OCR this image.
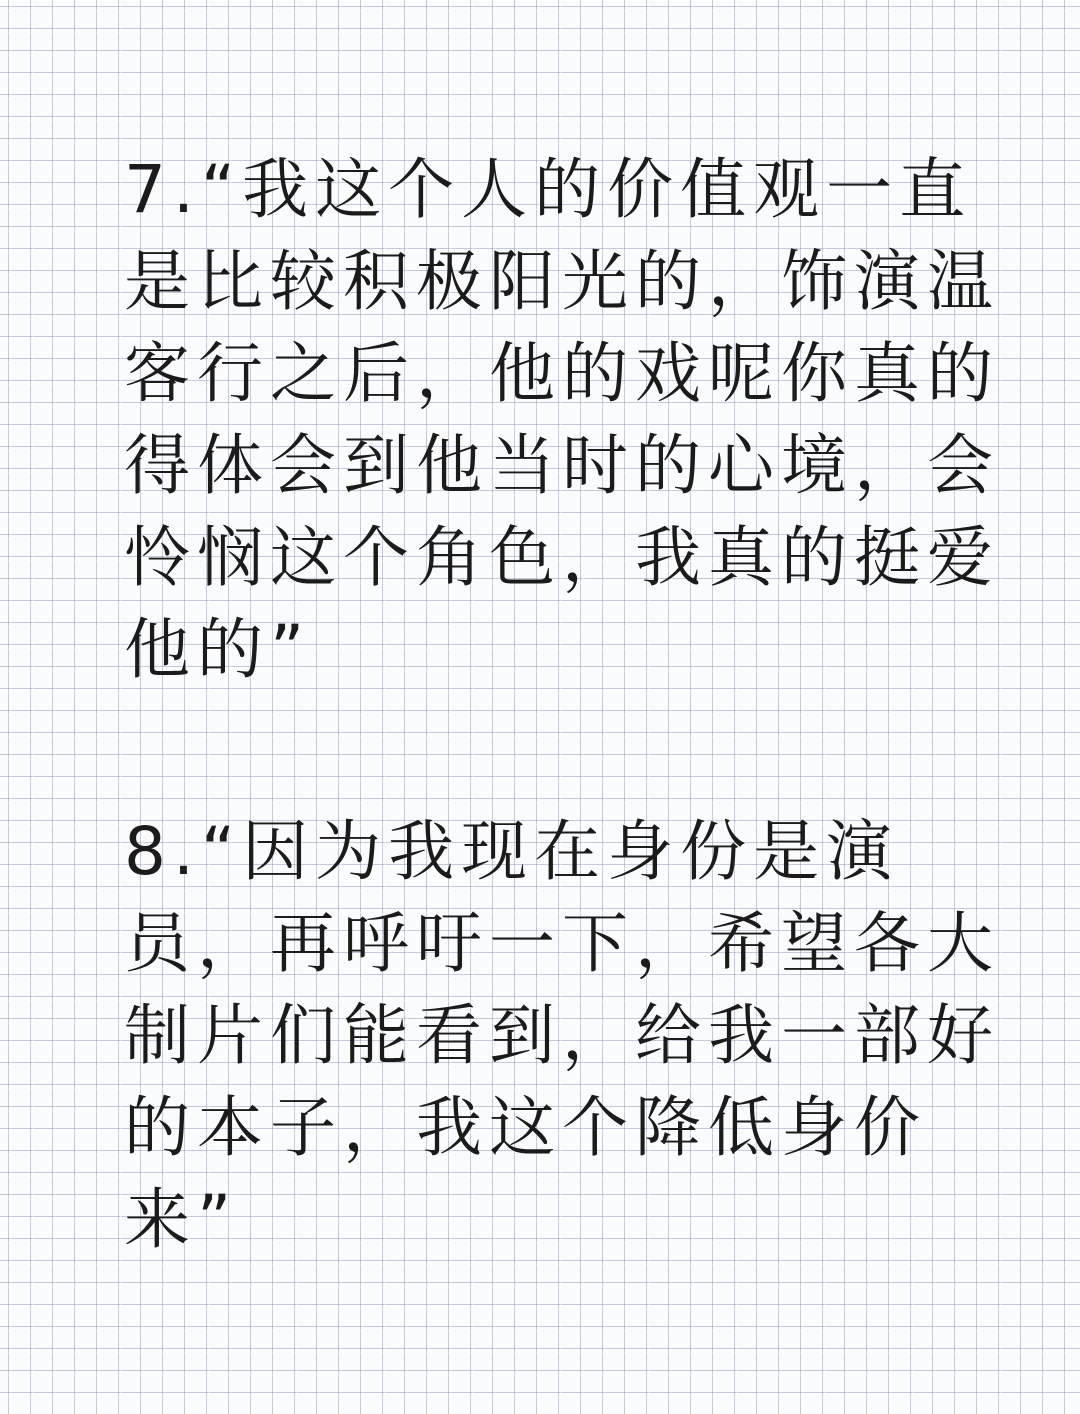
7.“我这个人的价值观一直

是比较积极阳光的，饰演温

客行之后，他的戏呢你真的

得体会到他当时的心境，会

怜悯这个角色，我真的挺爱

他的”

8.“因为我现在身份是演

员，再呼吁一下，希望各大

制片们能看到，给我一部好

的本子，我这个降低身价

来”
